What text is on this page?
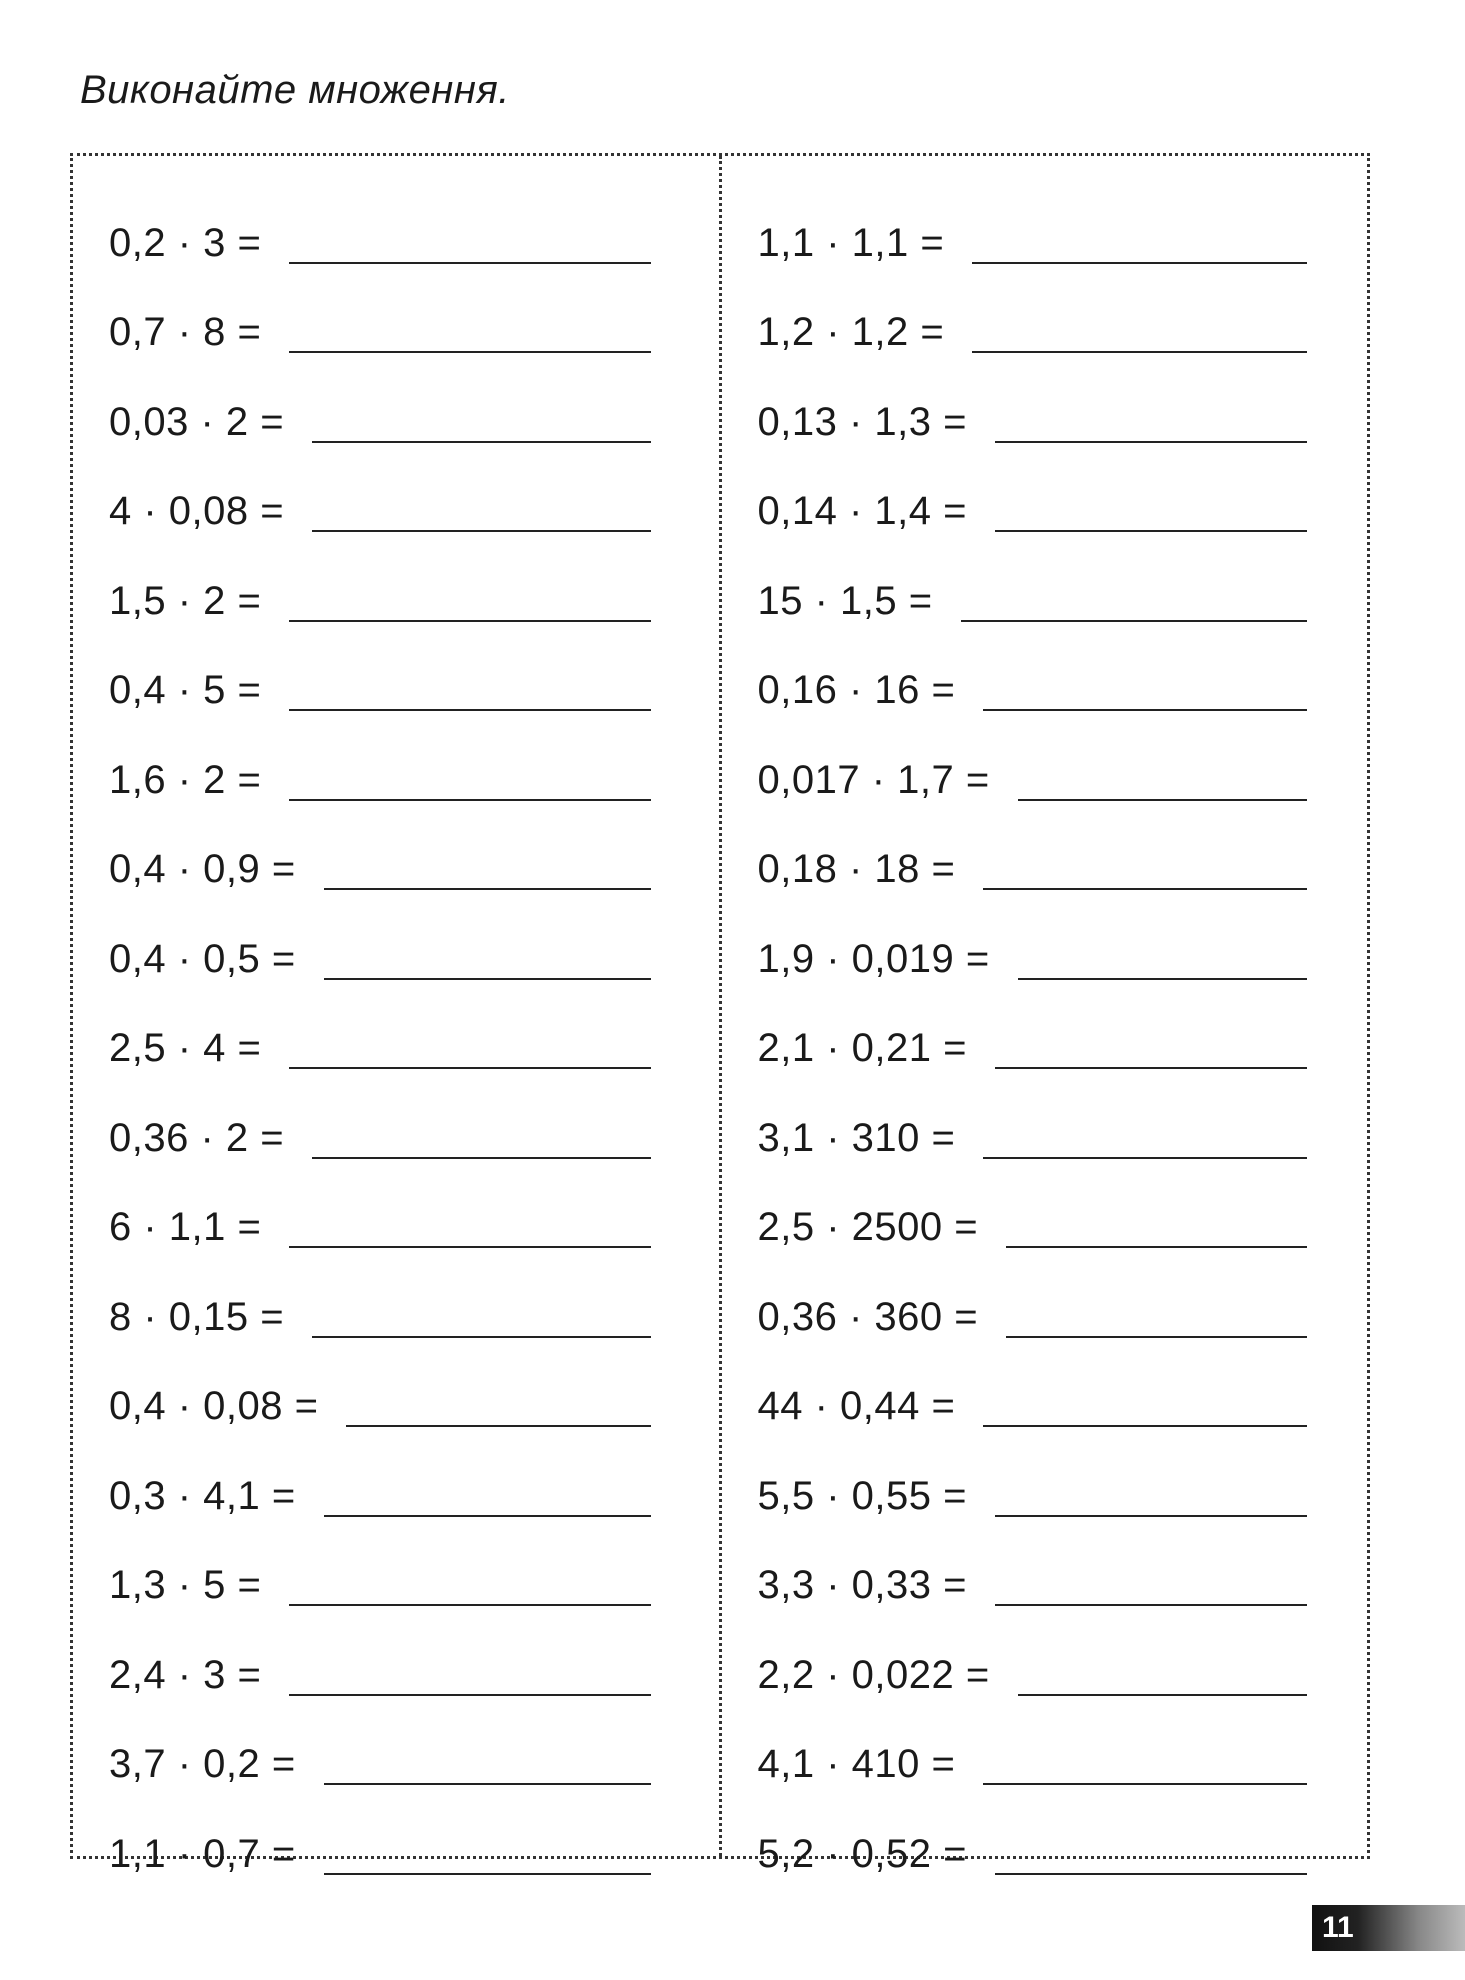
Виконайте множення.
0,2 · 3 =
0,7 · 8 =
0,03 · 2 =
4 · 0,08 =
1,5 · 2 =
0,4 · 5 =
1,6 · 2 =
0,4 · 0,9 =
0,4 · 0,5 =
2,5 · 4 =
0,36 · 2 =
6 · 1,1 =
8 · 0,15 =
0,4 · 0,08 =
0,3 · 4,1 =
1,3 · 5 =
2,4 · 3 =
3,7 · 0,2 =
1,1 · 0,7 =
1,1 · 1,1 =
1,2 · 1,2 =
0,13 · 1,3 =
0,14 · 1,4 =
15 · 1,5 =
0,16 · 16 =
0,017 · 1,7 =
0,18 · 18 =
1,9 · 0,019 =
2,1 · 0,21 =
3,1 · 310 =
2,5 · 2500 =
0,36 · 360 =
44 · 0,44 =
5,5 · 0,55 =
3,3 · 0,33 =
2,2 · 0,022 =
4,1 · 410 =
5,2 · 0,52 =
11
